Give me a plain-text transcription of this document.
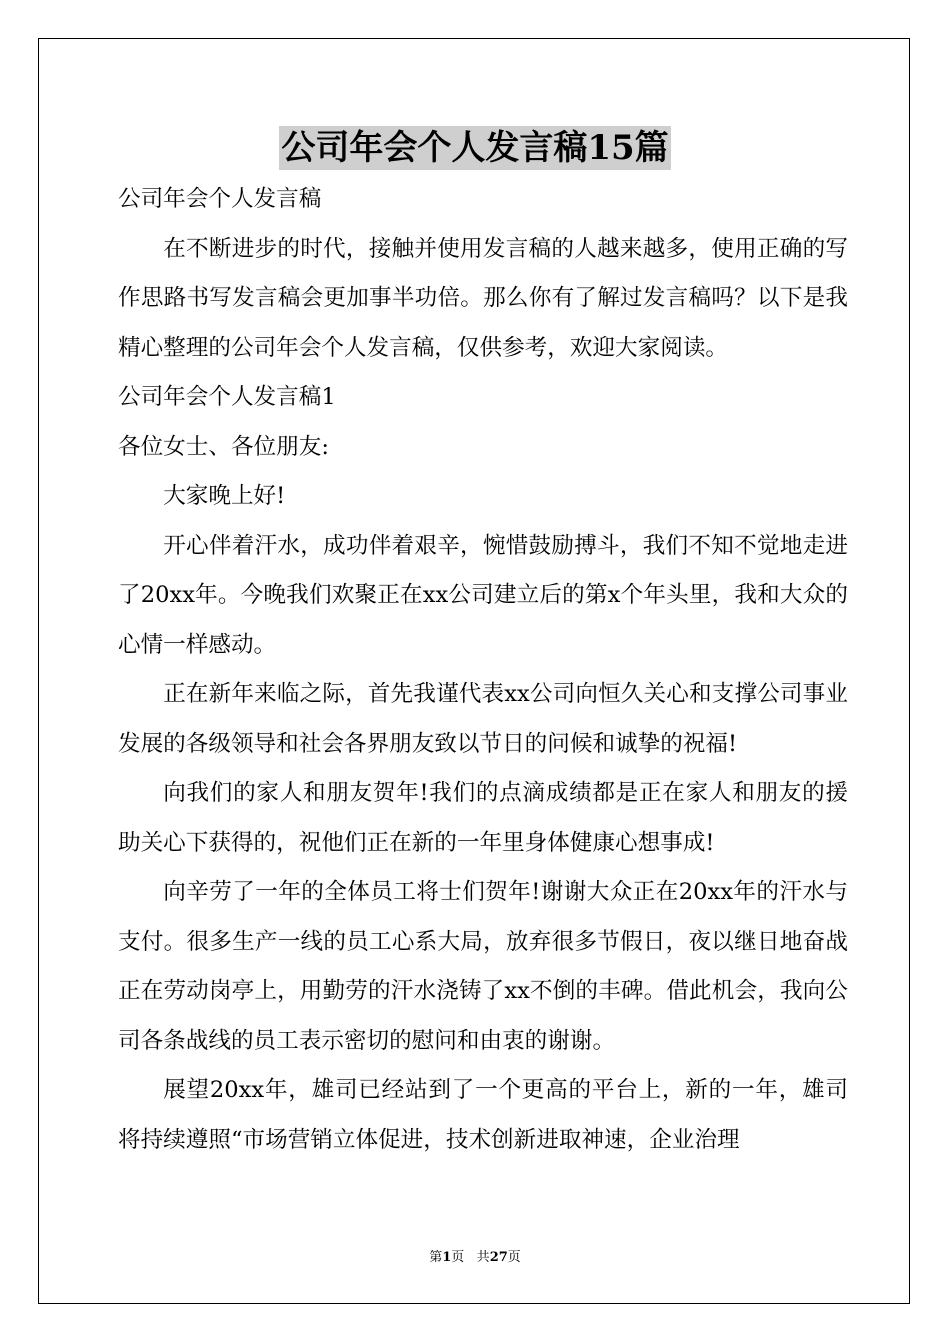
公司年会个人发言稿15篇

公司年会个人发言稿

在不断进步的时代，接触并使用发言稿的人越来越多，使用正确的写作思路书写发言稿会更加事半功倍。那么你有了解过发言稿吗？以下是我精心整理的公司年会个人发言稿，仅供参考，欢迎大家阅读。

公司年会个人发言稿1

各位女士、各位朋友:

大家晚上好!

开心伴着汗水，成功伴着艰辛，惋惜鼓励搏斗，我们不知不觉地走进了20xx年。今晚我们欢聚正在xx公司建立后的第x个年头里，我和大众的心情一样感动。

正在新年来临之际，首先我谨代表xx公司向恒久关心和支撑公司事业发展的各级领导和社会各界朋友致以节日的问候和诚挚的祝福!

向我们的家人和朋友贺年!我们的点滴成绩都是正在家人和朋友的援助关心下获得的，祝他们正在新的一年里身体健康心想事成!

向辛劳了一年的全体员工将士们贺年!谢谢大众正在20xx年的汗水与支付。很多生产一线的员工心系大局，放弃很多节假日，夜以继日地奋战正在劳动岗亭上，用勤劳的汗水浇铸了xx不倒的丰碑。借此机会，我向公司各条战线的员工表示密切的慰问和由衷的谢谢。

展望20xx年，雄司已经站到了一个更高的平台上，新的一年，雄司将持续遵照“市场营销立体促进，技术创新进取神速，企业治理

第1页 共27页
